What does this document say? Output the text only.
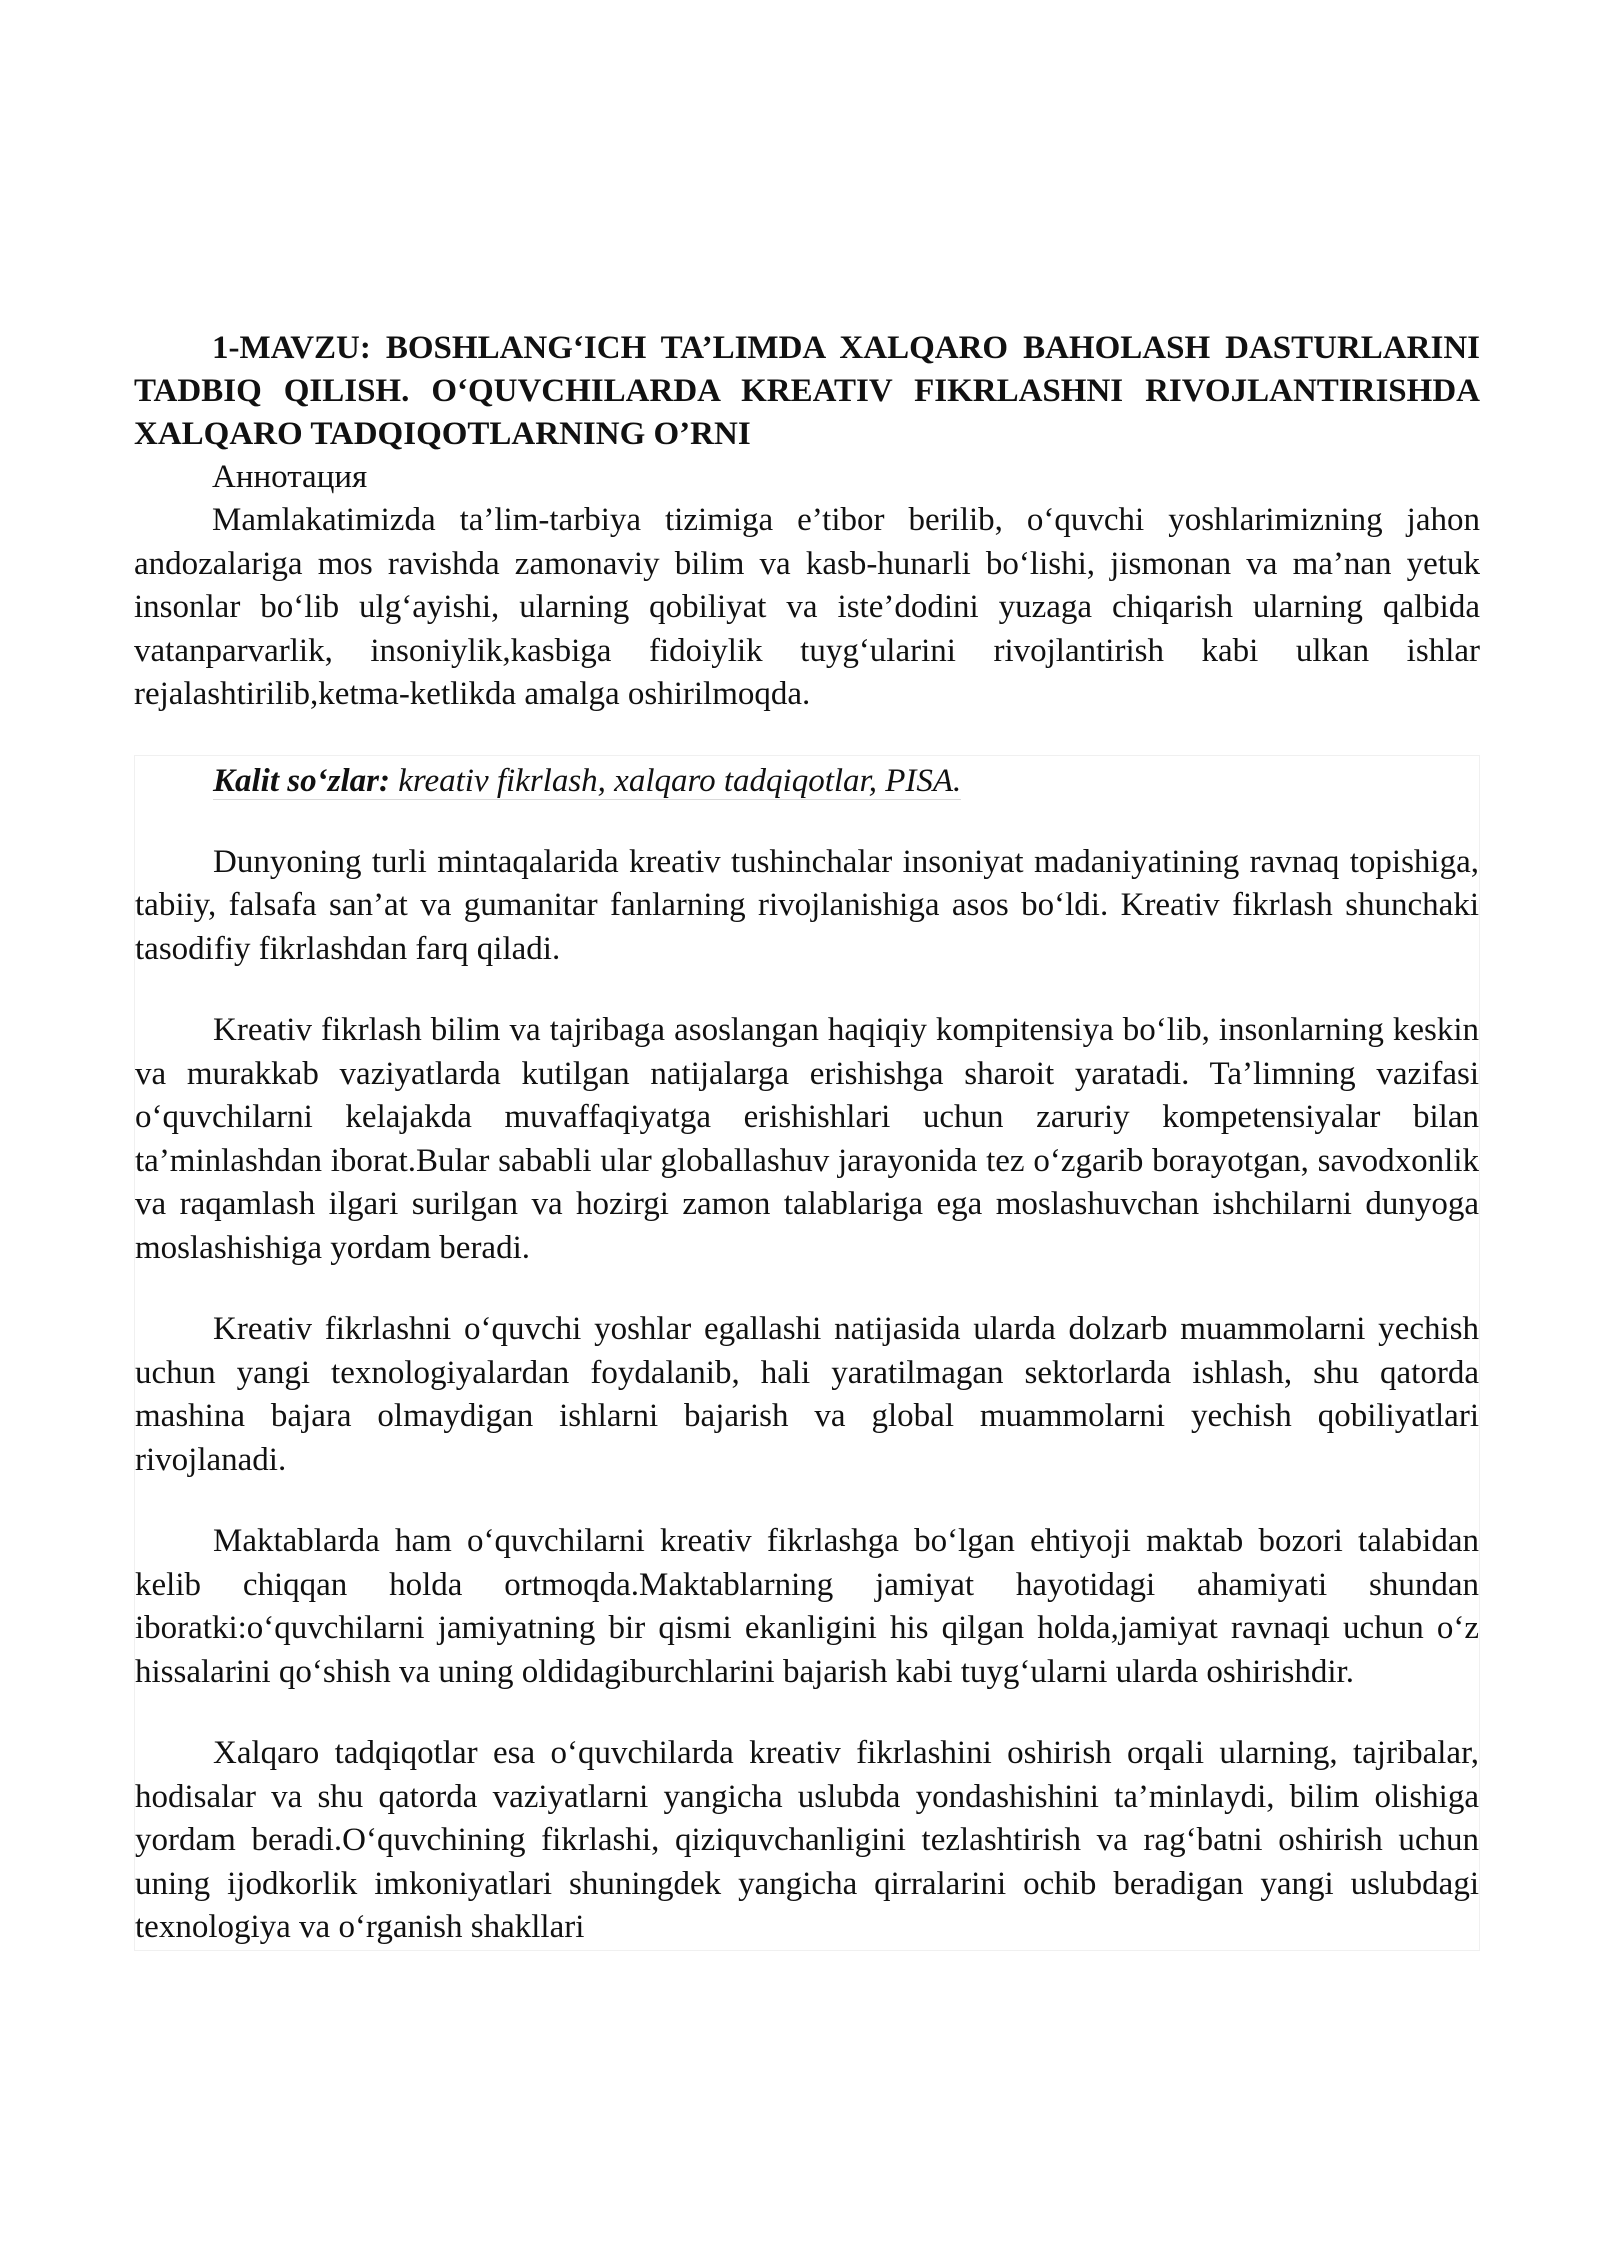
1-MAVZU: BOSHLANG‘ICH TA’LIMDA XALQARO BAHOLASH DASTURLARINI TADBIQ QILISH. O‘QUVCHILARDA KREATIV FIKRLASHNI RIVOJLANTIRISHDA XALQARO TADQIQOTLARNING O’RNI

Аннотация

Mamlakatimizda ta’lim-tarbiya tizimiga e’tibor berilib, o‘quvchi yoshlarimizning jahon andozalariga mos ravishda zamonaviy bilim va kasb-hunarli bo‘lishi, jismonan va ma’nan yetuk insonlar bo‘lib ulg‘ayishi, ularning qobiliyat va iste’dodini yuzaga chiqarish ularning qalbida vatanparvarlik, insoniylik,kasbiga fidoiylik tuyg‘ularini rivojlantirish kabi ulkan ishlar rejalashtirilib,ketma-ketlikda amalga oshirilmoqda.

Kalit so‘zlar: kreativ fikrlash, xalqaro tadqiqotlar, PISA.

Dunyoning turli mintaqalarida kreativ tushinchalar insoniyat madaniyatining ravnaq topishiga, tabiiy, falsafa san’at va gumanitar fanlarning rivojlanishiga asos bo‘ldi. Kreativ fikrlash shunchaki tasodifiy fikrlashdan farq qiladi.

Kreativ fikrlash bilim va tajribaga asoslangan haqiqiy kompitensiya bo‘lib, insonlarning keskin va murakkab vaziyatlarda kutilgan natijalarga erishishga sharoit yaratadi. Ta’limning vazifasi o‘quvchilarni kelajakda muvaffaqiyatga erishishlari uchun zaruriy kompetensiyalar bilan ta’minlashdan iborat.Bular sababli ular globallashuv jarayonida tez o‘zgarib borayotgan, savodxonlik va raqamlash ilgari surilgan va hozirgi zamon talablariga ega moslashuvchan ishchilarni dunyoga moslashishiga yordam beradi.

Kreativ fikrlashni o‘quvchi yoshlar egallashi natijasida ularda dolzarb muammolarni yechish uchun yangi texnologiyalardan foydalanib, hali yaratilmagan sektorlarda ishlash, shu qatorda mashina bajara olmaydigan ishlarni bajarish va global muammolarni yechish qobiliyatlari rivojlanadi.

Maktablarda ham o‘quvchilarni kreativ fikrlashga bo‘lgan ehtiyoji maktab bozori talabidan kelib chiqqan holda ortmoqda.Maktablarning jamiyat hayotidagi ahamiyati shundan iboratki:o‘quvchilarni jamiyatning bir qismi ekanligini his qilgan holda,jamiyat ravnaqi uchun o‘z hissalarini qo‘shish va uning oldidagiburchlarini bajarish kabi tuyg‘ularni ularda oshirishdir.

Xalqaro tadqiqotlar esa o‘quvchilarda kreativ fikrlashini oshirish orqali ularning, tajribalar, hodisalar va shu qatorda vaziyatlarni yangicha uslubda yondashishini ta’minlaydi, bilim olishiga yordam beradi.O‘quvchining fikrlashi, qiziquvchanligini tezlashtirish va rag‘batni oshirish uchun uning ijodkorlik imkoniyatlari shuningdek yangicha qirralarini ochib beradigan yangi uslubdagi texnologiya va o‘rganish shakllari
